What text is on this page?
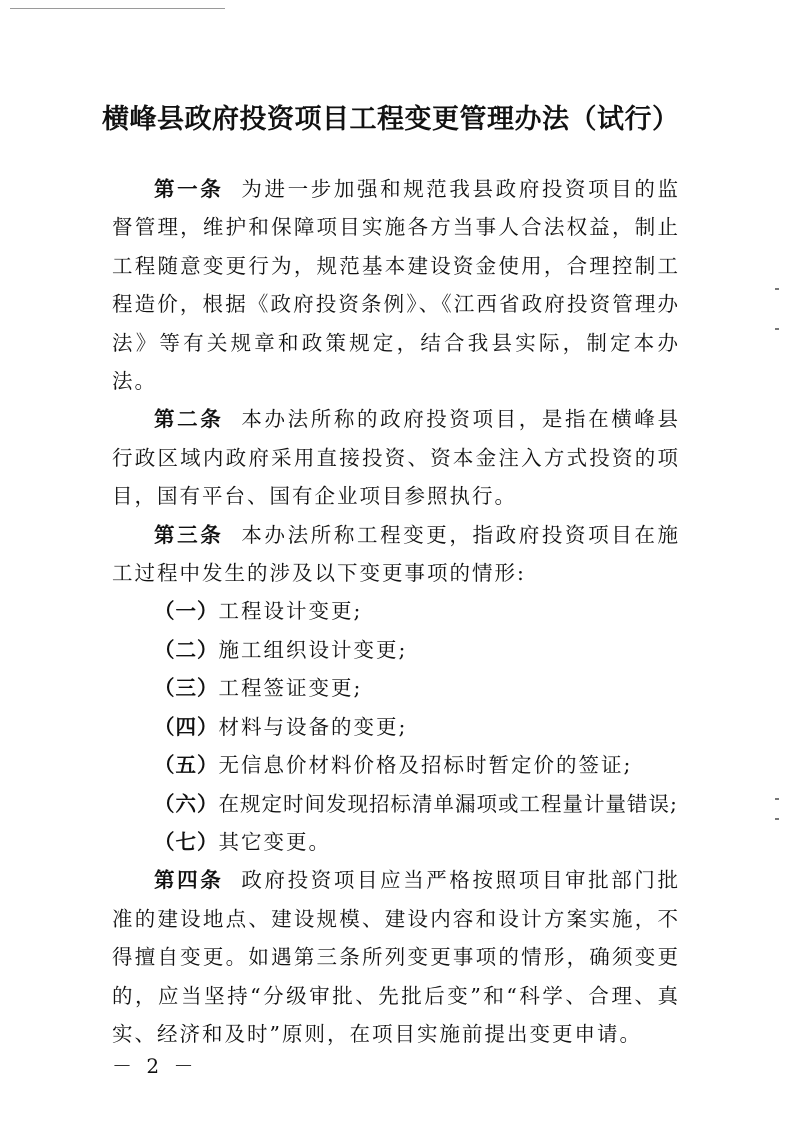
横峰县政府投资项目工程变更管理办法（试行）

第一条 为进一步加强和规范我县政府投资项目的监督管理，维护和保障项目实施各方当事人合法权益，制止工程随意变更行为，规范基本建设资金使用，合理控制工程造价，根据《政府投资条例》、《江西省政府投资管理办法》等有关规章和政策规定，结合我县实际，制定本办法。

第二条 本办法所称的政府投资项目，是指在横峰县行政区域内政府采用直接投资、资本金注入方式投资的项目，国有平台、国有企业项目参照执行。

第三条 本办法所称工程变更，指政府投资项目在施工过程中发生的涉及以下变更事项的情形:

（一）工程设计变更;

（二）施工组织设计变更;

（三）工程签证变更;

（四）材料与设备的变更;

（五）无信息价材料价格及招标时暂定价的签证;

（六）在规定时间发现招标清单漏项或工程量计量错误;

（七）其它变更。

第四条 政府投资项目应当严格按照项目审批部门批准的建设地点、建设规模、建设内容和设计方案实施，不得擅自变更。如遇第三条所列变更事项的情形，确须变更的，应当坚持“分级审批、先批后变”和“科学、合理、真实、经济和及时”原则，在项目实施前提出变更申请。

－ 2 －
